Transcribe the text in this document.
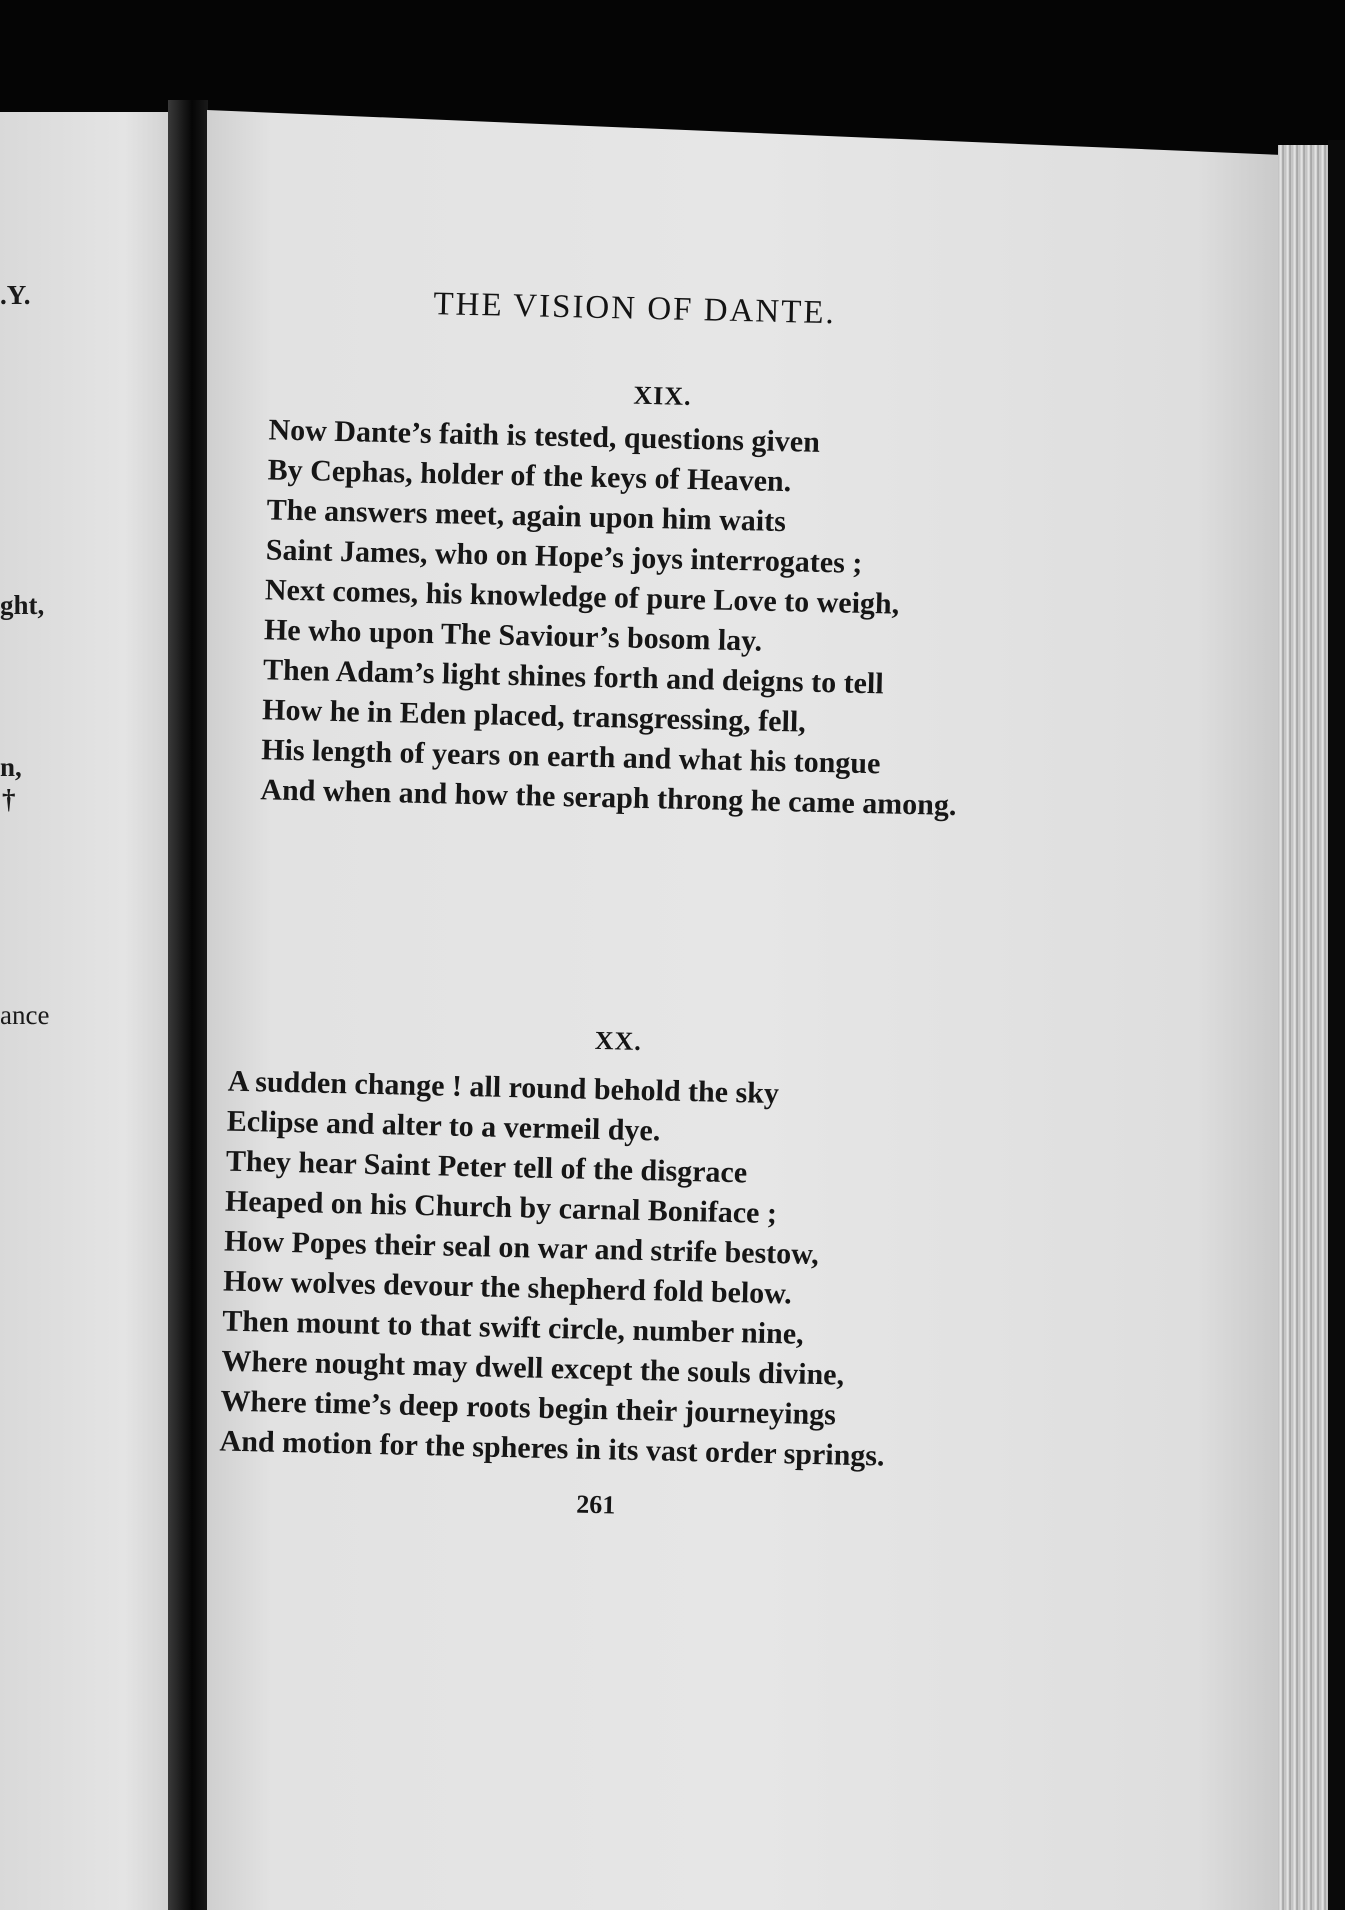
.Y.
ght,
n,
†
ance
THE VISION OF DANTE.
XIX.
Now Dante’s faith is tested, questions given
By Cephas, holder of the keys of Heaven.
The answers meet, again upon him waits
Saint James, who on Hope’s joys interrogates ;
Next comes, his knowledge of pure Love to weigh,
He who upon The Saviour’s bosom lay.
Then Adam’s light shines forth and deigns to tell
How he in Eden placed, transgressing, fell,
His length of years on earth and what his tongue
And when and how the seraph throng he came among.
XX.
A sudden change ! all round behold the sky
Eclipse and alter to a vermeil dye.
They hear Saint Peter tell of the disgrace
Heaped on his Church by carnal Boniface ;
How Popes their seal on war and strife bestow,
How wolves devour the shepherd fold below.
Then mount to that swift circle, number nine,
Where nought may dwell except the souls divine,
Where time’s deep roots begin their journeyings
And motion for the spheres in its vast order springs.
261
